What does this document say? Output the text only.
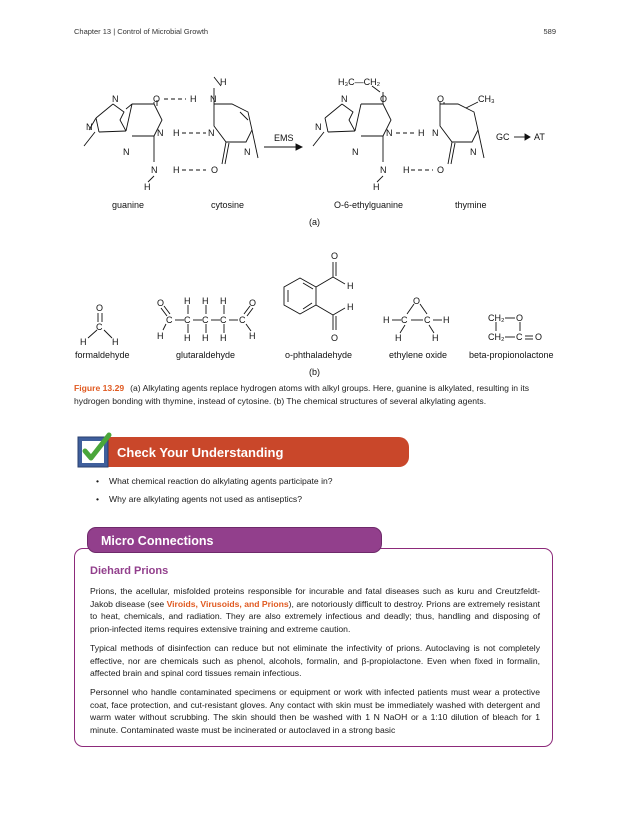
Chapter 13 | Control of Microbial Growth	589
N
N
N
O
N
N
H
H
H
H N
H
N
O
N
EMS
H₃C—CH₂
N
N
N
O
N
N
H
H
H N
O
O
N
CH₃
GC	AT
guanine	cytosine	O-6-ethylguanine	thymine
(a)
O
C
H	H
O
C
H
H H H
C C C C
H H H
O
H
O
H
H
O
O
H C C H
H	H
CH₂ O
CH₂ C O
formaldehyde	glutaraldehyde	o-phthaladehyde	ethylene oxide beta-propionolactone
(b)
Figure 13.29 (a) Alkylating agents replace hydrogen atoms with alkyl groups. Here, guanine is alkylated, resulting in its hydrogen bonding with thymine, instead of cytosine. (b) The chemical structures of several alkylating agents.
Check Your Understanding
• What chemical reaction do alkylating agents participate in?
• Why are alkylating agents not used as antiseptics?
Micro Connections
Diehard Prions

Prions, the acellular, misfolded proteins responsible for incurable and fatal diseases such as kuru and Creutzfeldt-Jakob disease (see Viroids, Virusoids, and Prions), are notoriously difficult to destroy. Prions are extremely resistant to heat, chemicals, and radiation. They are also extremely infectious and deadly; thus, handling and disposing of prion-infected items requires extensive training and extreme caution.

Typical methods of disinfection can reduce but not eliminate the infectivity of prions. Autoclaving is not completely effective, nor are chemicals such as phenol, alcohols, formalin, and β-propiolactone. Even when fixed in formalin, affected brain and spinal cord tissues remain infectious.

Personnel who handle contaminated specimens or equipment or work with infected patients must wear a protective coat, face protection, and cut-resistant gloves. Any contact with skin must be immediately washed with detergent and warm water without scrubbing. The skin should then be washed with 1 N NaOH or a 1:10 dilution of bleach for 1 minute. Contaminated waste must be incinerated or autoclaved in a strong basic
